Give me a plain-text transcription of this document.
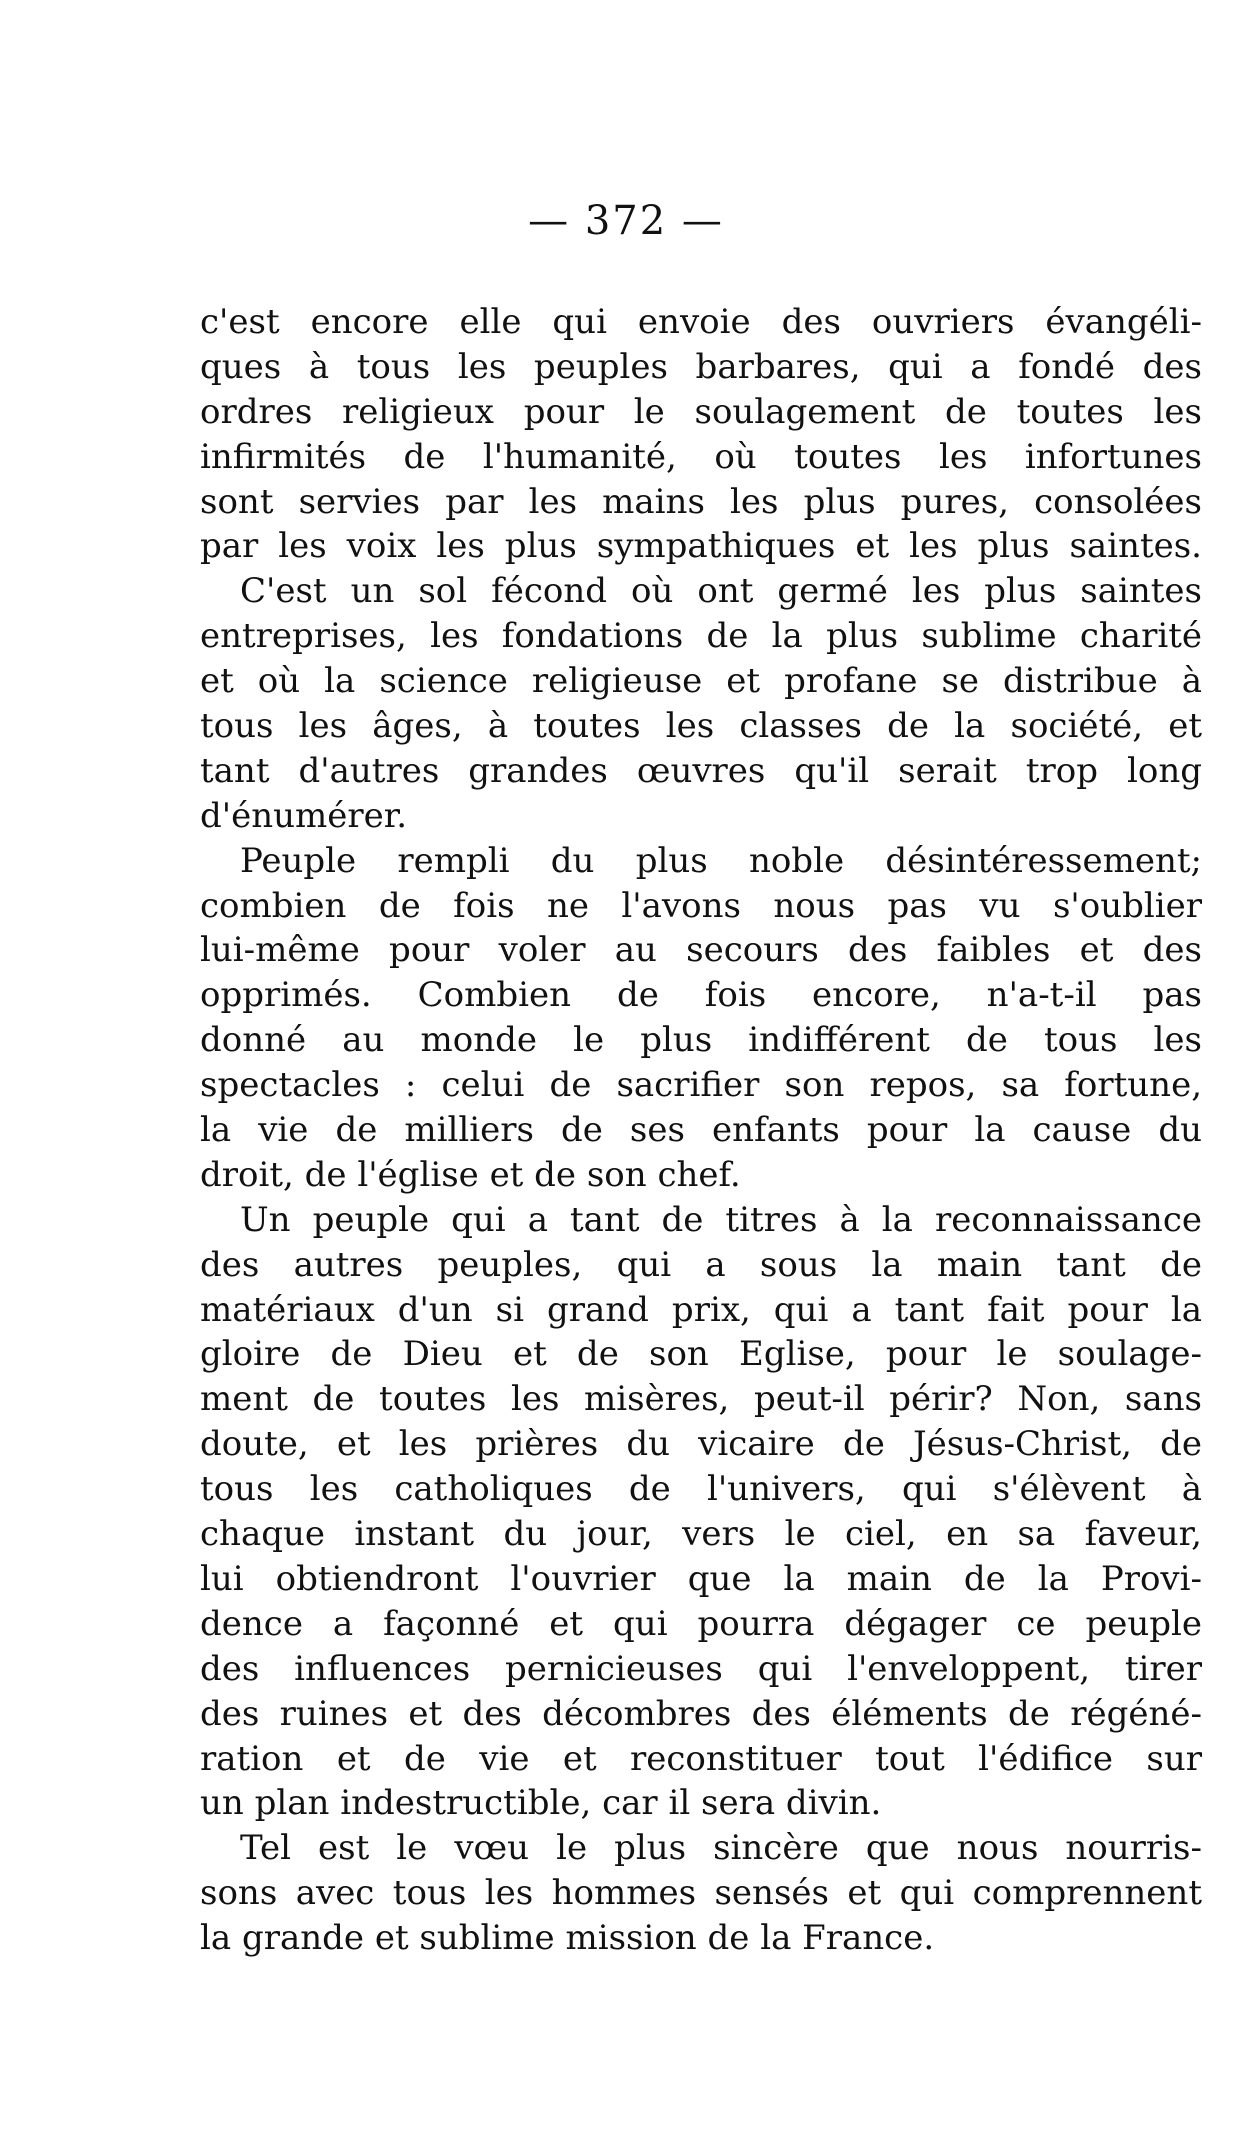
— 372 —
c'est encore elle qui envoie des ouvriers évangéli-
ques à tous les peuples barbares, qui a fondé des
ordres religieux pour le soulagement de toutes les
infirmités de l'humanité, où toutes les infortunes
sont servies par les mains les plus pures, consolées
par les voix les plus sympathiques et les plus saintes.
C'est un sol fécond où ont germé les plus saintes
entreprises, les fondations de la plus sublime charité
et où la science religieuse et profane se distribue à
tous les âges, à toutes les classes de la société, et
tant d'autres grandes œuvres qu'il serait trop long
d'énumérer.
Peuple rempli du plus noble désintéressement;
combien de fois ne l'avons nous pas vu s'oublier
lui-même pour voler au secours des faibles et des
opprimés. Combien de fois encore, n'a-t-il pas
donné au monde le plus indifférent de tous les
spectacles : celui de sacrifier son repos, sa fortune,
la vie de milliers de ses enfants pour la cause du
droit, de l'église et de son chef.
Un peuple qui a tant de titres à la reconnaissance
des autres peuples, qui a sous la main tant de
matériaux d'un si grand prix, qui a tant fait pour la
gloire de Dieu et de son Eglise, pour le soulage-
ment de toutes les misères, peut-il périr? Non, sans
doute, et les prières du vicaire de Jésus-Christ, de
tous les catholiques de l'univers, qui s'élèvent à
chaque instant du jour, vers le ciel, en sa faveur,
lui obtiendront l'ouvrier que la main de la Provi-
dence a façonné et qui pourra dégager ce peuple
des influences pernicieuses qui l'enveloppent, tirer
des ruines et des décombres des éléments de régéné-
ration et de vie et reconstituer tout l'édifice sur
un plan indestructible, car il sera divin.
Tel est le vœu le plus sincère que nous nourris-
sons avec tous les hommes sensés et qui comprennent
la grande et sublime mission de la France.
